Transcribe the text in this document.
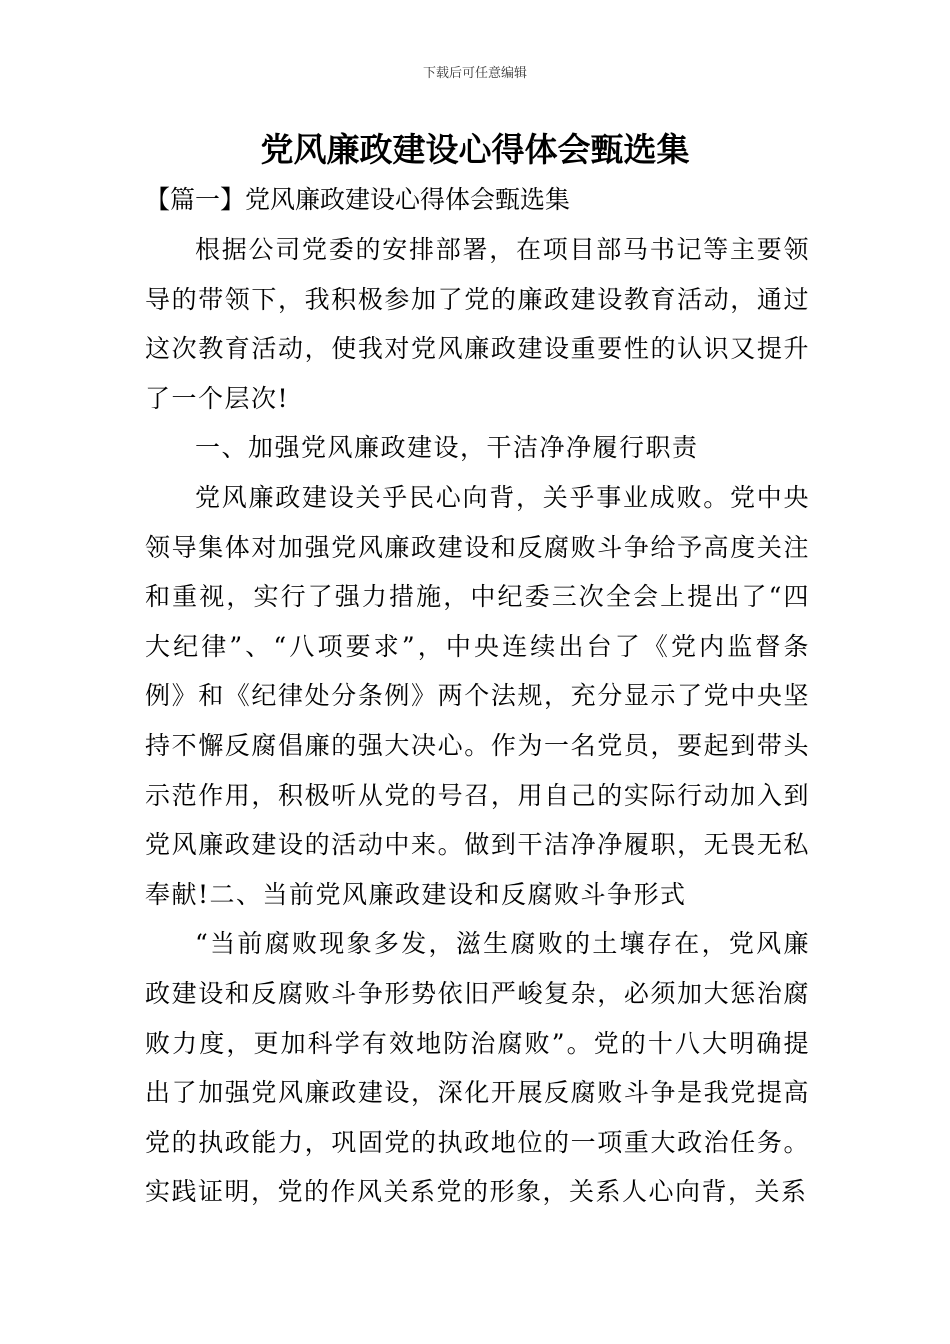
下载后可任意编辑
党风廉政建设心得体会甄选集
【篇一】党风廉政建设心得体会甄选集

根据公司党委的安排部署，在项目部马书记等主要领导的带领下，我积极参加了党的廉政建设教育活动，通过这次教育活动，使我对党风廉政建设重要性的认识又提升了一个层次!

一、加强党风廉政建设，干洁净净履行职责

党风廉政建设关乎民心向背，关乎事业成败。党中央领导集体对加强党风廉政建设和反腐败斗争给予高度关注和重视，实行了强力措施，中纪委三次全会上提出了“四大纪律”、“八项要求”，中央连续出台了《党内监督条例》和《纪律处分条例》两个法规，充分显示了党中央坚持不懈反腐倡廉的强大决心。作为一名党员，要起到带头示范作用，积极听从党的号召，用自己的实际行动加入到党风廉政建设的活动中来。做到干洁净净履职，无畏无私奉献!二、当前党风廉政建设和反腐败斗争形式

“当前腐败现象多发，滋生腐败的土壤存在，党风廉政建设和反腐败斗争形势依旧严峻复杂，必须加大惩治腐败力度，更加科学有效地防治腐败”。党的十八大明确提出了加强党风廉政建设，深化开展反腐败斗争是我党提高党的执政能力，巩固党的执政地位的一项重大政治任务。实践证明，党的作风关系党的形象，关系人心向背，关系
